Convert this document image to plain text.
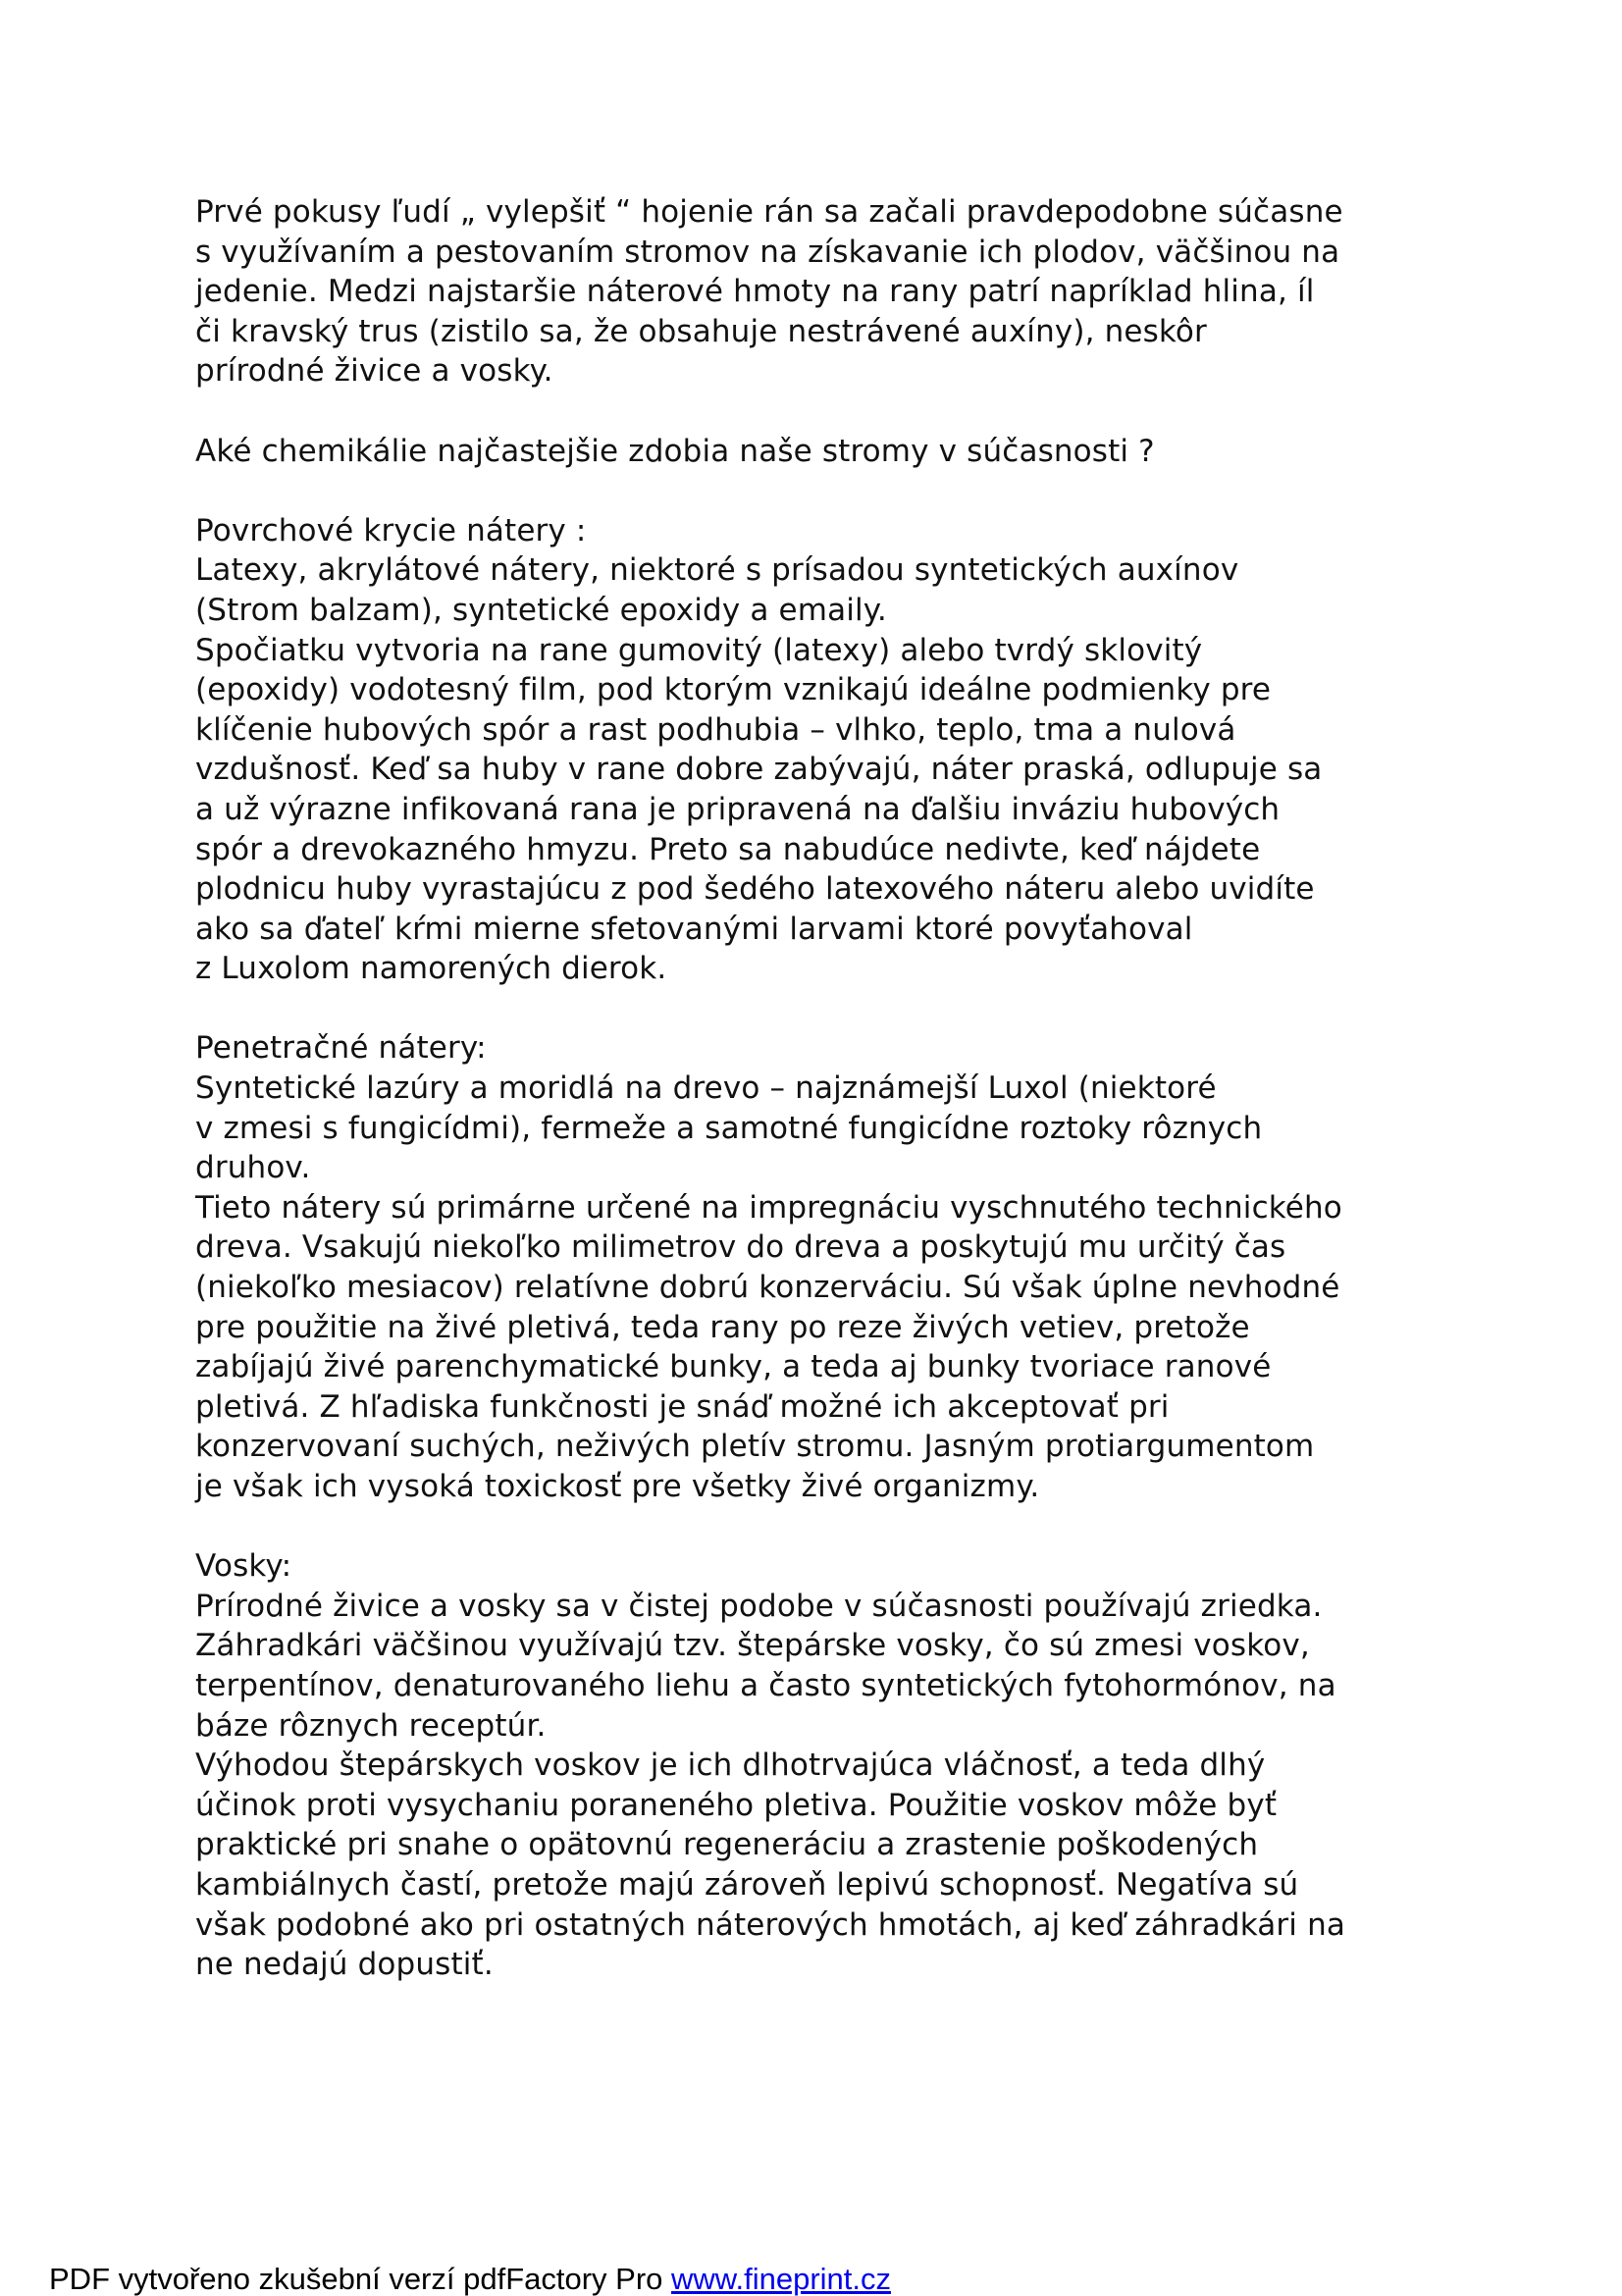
Prvé pokusy ľudí „ vylepšiť “ hojenie rán sa začali pravdepodobne súčasne
s využívaním a pestovaním stromov na získavanie ich plodov, väčšinou na
jedenie. Medzi najstaršie náterové hmoty na rany patrí napríklad hlina, íl
či kravský trus (zistilo sa, že obsahuje nestrávené auxíny), neskôr
prírodné živice a vosky.
Aké chemikálie najčastejšie zdobia naše stromy v súčasnosti ?
Povrchové krycie nátery :
Latexy, akrylátové nátery, niektoré s prísadou syntetických auxínov
(Strom balzam), syntetické epoxidy a emaily.
Spočiatku vytvoria na rane gumovitý (latexy) alebo tvrdý sklovitý
(epoxidy) vodotesný film, pod ktorým vznikajú ideálne podmienky pre
klíčenie hubových spór a rast podhubia – vlhko, teplo, tma a nulová
vzdušnosť. Keď sa huby v rane dobre zabývajú, náter praská, odlupuje sa
a už výrazne infikovaná rana je pripravená na ďalšiu inváziu hubových
spór a drevokazného hmyzu. Preto sa nabudúce nedivte, keď nájdete
plodnicu huby vyrastajúcu z pod šedého latexového náteru alebo uvidíte
ako sa ďateľ kŕmi mierne sfetovanými larvami ktoré povyťahoval
z Luxolom namorených dierok.
Penetračné nátery:
Syntetické lazúry a moridlá na drevo – najznámejší Luxol (niektoré
v zmesi s fungicídmi), fermeže a samotné fungicídne roztoky rôznych
druhov.
Tieto nátery sú primárne určené na impregnáciu vyschnutého technického
dreva. Vsakujú niekoľko milimetrov do dreva a poskytujú mu určitý čas
(niekoľko mesiacov) relatívne dobrú konzerváciu. Sú však úplne nevhodné
pre použitie na živé pletivá, teda rany po reze živých vetiev, pretože
zabíjajú živé parenchymatické bunky, a teda aj bunky tvoriace ranové
pletivá. Z hľadiska funkčnosti je snáď možné ich akceptovať pri
konzervovaní suchých, neživých pletív stromu. Jasným protiargumentom
je však ich vysoká toxickosť pre všetky živé organizmy.
Vosky:
Prírodné živice a vosky sa v čistej podobe v súčasnosti používajú zriedka.
Záhradkári väčšinou využívajú tzv. štepárske vosky, čo sú zmesi voskov,
terpentínov, denaturovaného liehu a často syntetických fytohormónov, na
báze rôznych receptúr.
Výhodou štepárskych voskov je ich dlhotrvajúca vláčnosť, a teda dlhý
účinok proti vysychaniu poraneného pletiva. Použitie voskov môže byť
praktické pri snahe o opätovnú regeneráciu a zrastenie poškodených
kambiálnych častí, pretože majú zároveň lepivú schopnosť. Negatíva sú
však podobné ako pri ostatných náterových hmotách, aj keď záhradkári na
ne nedajú dopustiť.
PDF vytvořeno zkušební verzí pdfFactory Pro www.fineprint.cz
